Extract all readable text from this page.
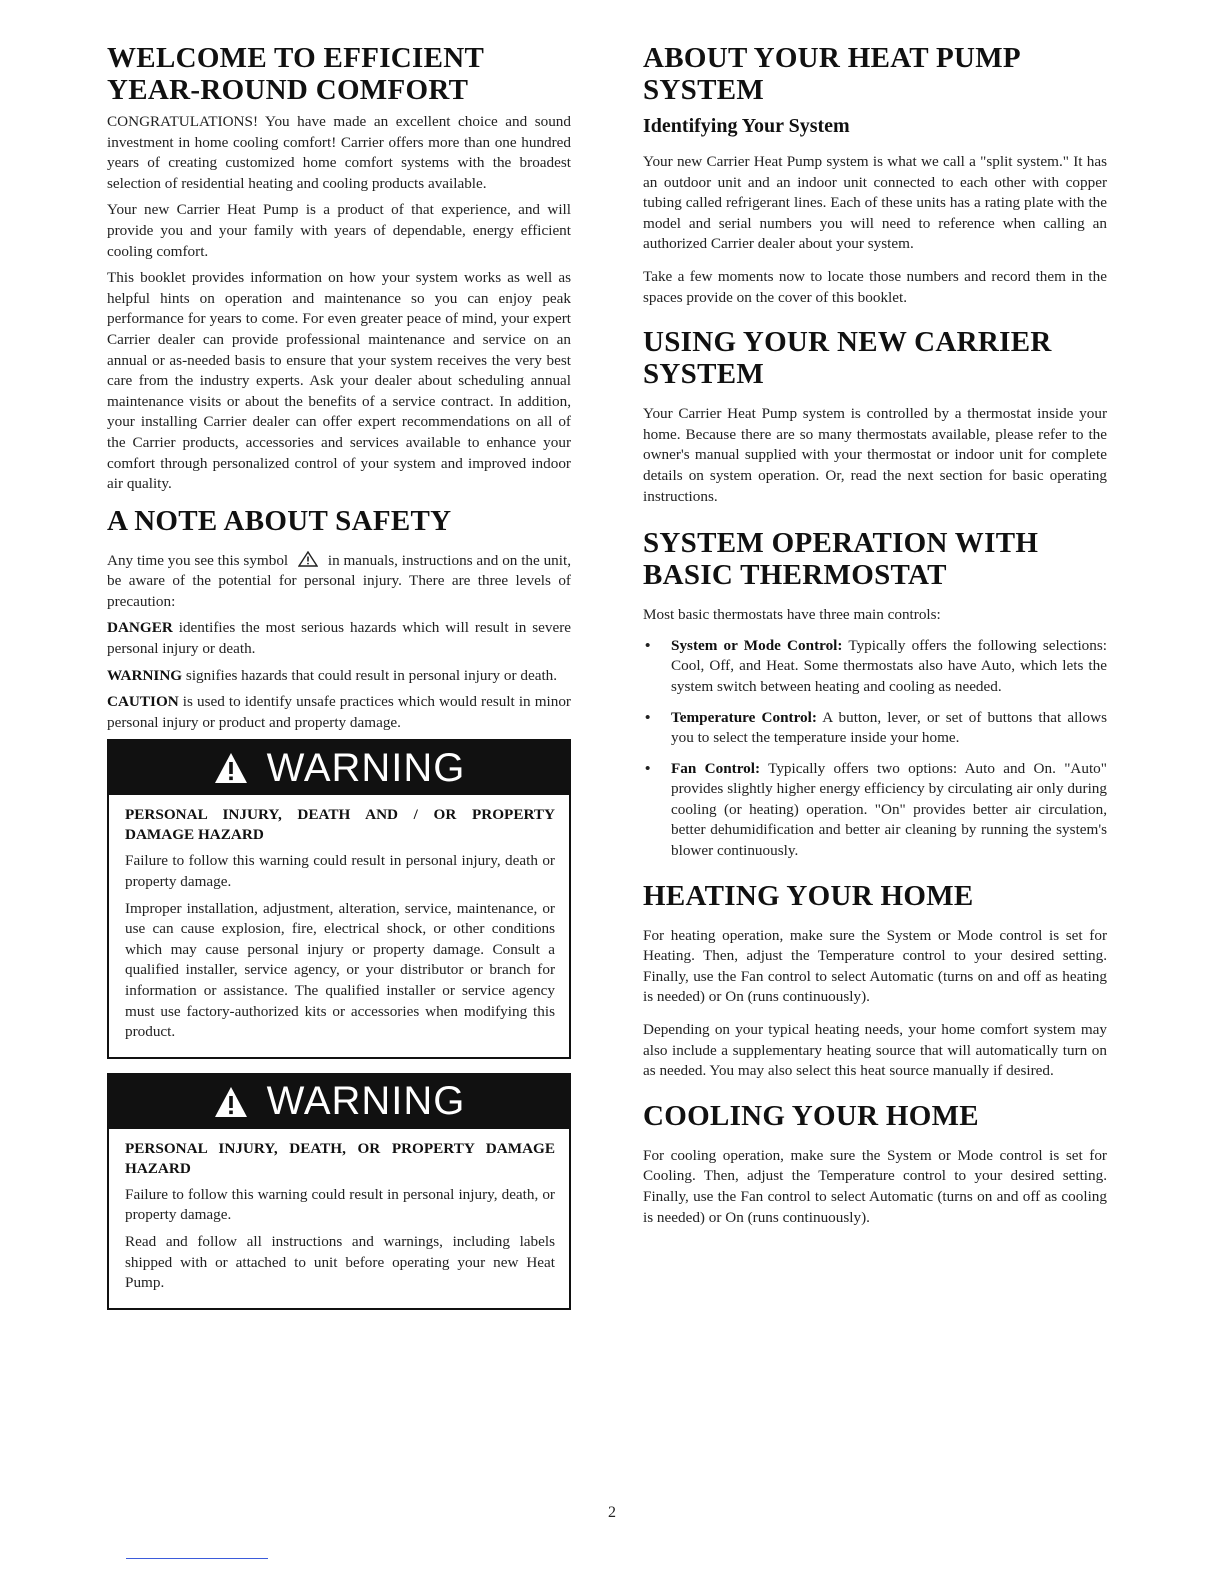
WELCOME TO EFFICIENT
YEAR-ROUND COMFORT

CONGRATULATIONS! You have made an excellent choice and sound investment in home cooling comfort! Carrier offers more than one hundred years of creating customized home comfort systems with the broadest selection of residential heating and cooling products available.

Your new Carrier Heat Pump is a product of that experience, and will provide you and your family with years of dependable, energy efficient cooling comfort.

This booklet provides information on how your system works as well as helpful hints on operation and maintenance so you can enjoy peak performance for years to come. For even greater peace of mind, your expert Carrier dealer can provide professional maintenance and service on an annual or as-needed basis to ensure that your system receives the very best care from the industry experts. Ask your dealer about scheduling annual maintenance visits or about the benefits of a service contract. In addition, your installing Carrier dealer can offer expert recommendations on all of the Carrier products, accessories and services available to enhance your comfort through personalized control of your system and improved indoor air quality.

A NOTE ABOUT SAFETY

Any time you see this symbol	in manuals, instructions and on the unit, be aware of the potential for personal injury. There are three levels of precaution:

DANGER identifies the most serious hazards which will result in severe personal injury or death.

WARNING signifies hazards that could result in personal injury or death.

CAUTION is used to identify unsafe practices which would result in minor personal injury or product and property damage.

WARNING

PERSONAL INJURY, DEATH AND / OR PROPERTY DAMAGE HAZARD

Failure to follow this warning could result in personal injury, death or property damage.

Improper installation, adjustment, alteration, service, maintenance, or use can cause explosion, fire, electrical shock, or other conditions which may cause personal injury or property damage. Consult a qualified installer, service agency, or your distributor or branch for information or assistance. The qualified installer or service agency must use factory-authorized kits or accessories when modifying this product.

WARNING

PERSONAL INJURY, DEATH, OR PROPERTY DAMAGE HAZARD

Failure to follow this warning could result in personal injury, death, or property damage.

Read and follow all instructions and warnings, including labels shipped with or attached to unit before operating your new Heat Pump.

ABOUT YOUR HEAT PUMP
SYSTEM
Identifying Your System

Your new Carrier Heat Pump system is what we call a "split system." It has an outdoor unit and an indoor unit connected to each other with copper tubing called refrigerant lines. Each of these units has a rating plate with the model and serial numbers you will need to reference when calling an authorized Carrier dealer about your system.

Take a few moments now to locate those numbers and record them in the spaces provide on the cover of this booklet.

USING YOUR NEW CARRIER
SYSTEM

Your Carrier Heat Pump system is controlled by a thermostat inside your home. Because there are so many thermostats available, please refer to the owner's manual supplied with your thermostat or indoor unit for complete details on system operation. Or, read the next section for basic operating instructions.

SYSTEM OPERATION WITH
BASIC THERMOSTAT

Most basic thermostats have three main controls:

• System or Mode Control: Typically offers the following selections: Cool, Off, and Heat. Some thermostats also have Auto, which lets the system switch between heating and cooling as needed.
• Temperature Control: A button, lever, or set of buttons that allows you to select the temperature inside your home.
• Fan Control: Typically offers two options: Auto and On. "Auto" provides slightly higher energy efficiency by circulating air only during cooling (or heating) operation. "On" provides better air circulation, better dehumidification and better air cleaning by running the system's blower continuously.
HEATING YOUR HOME

For heating operation, make sure the System or Mode control is set for Heating. Then, adjust the Temperature control to your desired setting. Finally, use the Fan control to select Automatic (turns on and off as heating is needed) or On (runs continuously).

Depending on your typical heating needs, your home comfort system may also include a supplementary heating source that will automatically turn on as needed. You may also select this heat source manually if desired.

COOLING YOUR HOME

For cooling operation, make sure the System or Mode control is set for Cooling. Then, adjust the Temperature control to your desired setting. Finally, use the Fan control to select Automatic (turns on and off as cooling is needed) or On (runs continuously).

2
